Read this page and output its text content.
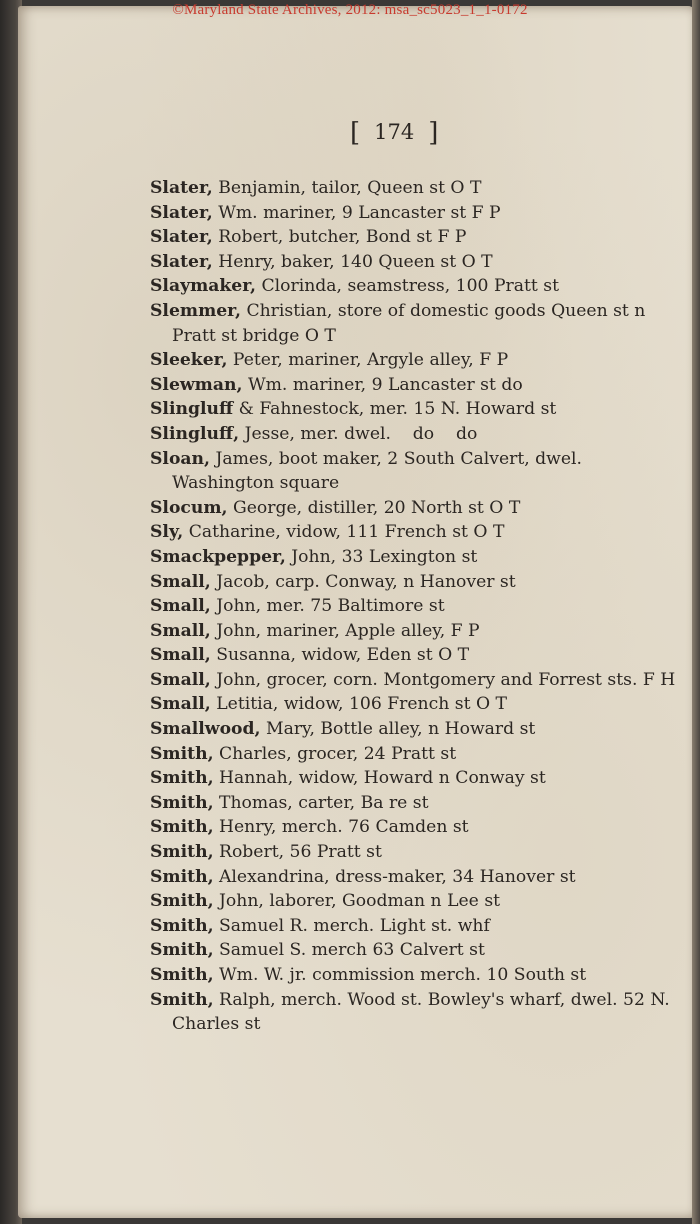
©Maryland State Archives, 2012: msa_sc5023_1_1-0172
[ 174 ]
Slater, Benjamin, tailor, Queen st O T
Slater, Wm. mariner, 9 Lancaster st F P
Slater, Robert, butcher, Bond st F P
Slater, Henry, baker, 140 Queen st O T
Slaymaker, Clorinda, seamstress, 100 Pratt st
Slemmer, Christian, store of domestic goods Queen st n Pratt st bridge O T
Sleeker, Peter, mariner, Argyle alley, F P
Slewman, Wm. mariner, 9 Lancaster st do
Slingluff & Fahnestock, mer. 15 N. Howard st
Slingluff, Jesse, mer. dwel.    do    do
Sloan, James, boot maker, 2 South Calvert, dwel. Washington square
Slocum, George, distiller, 20 North st O T
Sly, Catharine, vidow, 111 French st O T
Smackpepper, John, 33 Lexington st
Small, Jacob, carp. Conway, n Hanover st
Small, John, mer. 75 Baltimore st
Small, John, mariner, Apple alley, F P
Small, Susanna, widow, Eden st O T
Small, John, grocer, corn. Montgomery and Forrest sts. F H
Small, Letitia, widow, 106 French st O T
Smallwood, Mary, Bottle alley, n Howard st
Smith, Charles, grocer, 24 Pratt st
Smith, Hannah, widow, Howard n Conway st
Smith, Thomas, carter, Ba re st
Smith, Henry, merch. 76 Camden st
Smith, Robert, 56 Pratt st
Smith, Alexandrina, dress-maker, 34 Hanover st
Smith, John, laborer, Goodman n Lee st
Smith, Samuel R. merch. Light st. whf
Smith, Samuel S. merch 63 Calvert st
Smith, Wm. W. jr. commission merch. 10 South st
Smith, Ralph, merch. Wood st. Bowley's wharf, dwel. 52 N. Charles st
